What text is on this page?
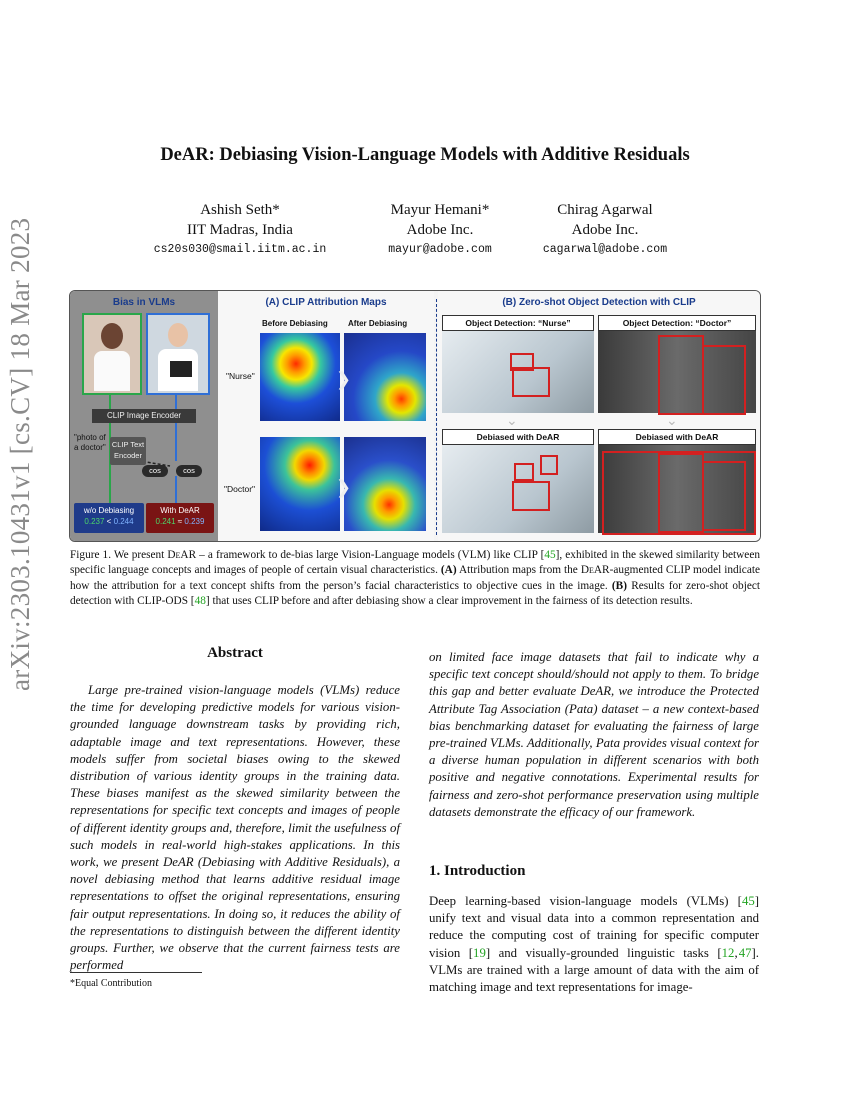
arXiv:2303.10431v1 [cs.CV] 18 Mar 2023
DeAR: Debiasing Vision-Language Models with Additive Residuals
Ashish Seth*
IIT Madras, India
cs20s030@smail.iitm.ac.in
Mayur Hemani*
Adobe Inc.
mayur@adobe.com
Chirag Agarwal
Adobe Inc.
cagarwal@adobe.com
Bias in VLMs
CLIP Image Encoder
"photo of a doctor" CLIP Text Encoder
cos	cos
w/o Debiasing
0.237 < 0.244
With DeAR
0.241 ≈ 0.239
(A) CLIP Attribution Maps
Before Debiasing	After Debiasing
"Nurse"
"Doctor"
❯
❯
(B) Zero-shot Object Detection with CLIP
Object Detection: “Nurse”	Object Detection: “Doctor”
⌄	⌄
Debiased with DeAR	Debiased with DeAR
Figure 1. We present DeAR – a framework to de-bias large Vision-Language models (VLM) like CLIP [45], exhibited in the skewed similarity between specific language concepts and images of people of certain visual characteristics. (A) Attribution maps from the DeAR-augmented CLIP model indicate how the attribution for a text concept shifts from the person’s facial characteristics to objective cues in the image. (B) Results for zero-shot object detection with CLIP-ODS [48] that uses CLIP before and after debiasing show a clear improvement in the fairness of its detection results.
Abstract
Large pre-trained vision-language models (VLMs) reduce the time for developing predictive models for various vision-grounded language downstream tasks by providing rich, adaptable image and text representations. However, these models suffer from societal biases owing to the skewed distribution of various identity groups in the training data. These biases manifest as the skewed similarity between the representations for specific text concepts and images of people of different identity groups and, therefore, limit the usefulness of such models in real-world high-stakes applications. In this work, we present DeAR (Debiasing with Additive Residuals), a novel debiasing method that learns additive residual image representations to offset the original representations, ensuring fair output representations. In doing so, it reduces the ability of the representations to distinguish between the different identity groups. Further, we observe that the current fairness tests are performed
on limited face image datasets that fail to indicate why a specific text concept should/should not apply to them. To bridge this gap and better evaluate DeAR, we introduce the Protected Attribute Tag Association (Pata) dataset – a new context-based bias benchmarking dataset for evaluating the fairness of large pre-trained VLMs. Additionally, Pata provides visual context for a diverse human population in different scenarios with both positive and negative connotations. Experimental results for fairness and zero-shot performance preservation using multiple datasets demonstrate the efficacy of our framework.
1. Introduction
Deep learning-based vision-language models (VLMs) [45] unify text and visual data into a common representation and reduce the computing cost of training for specific computer vision [19] and visually-grounded linguistic tasks [12, 47]. VLMs are trained with a large amount of data with the aim of matching image and text representations for image-
*Equal Contribution
